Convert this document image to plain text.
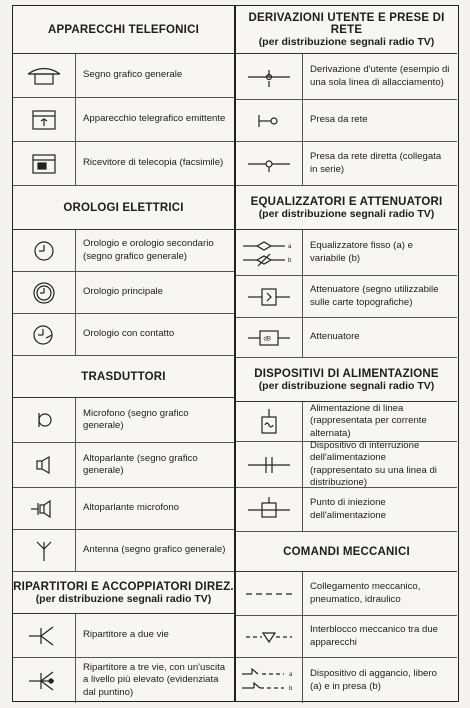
APPARECCHI TELEFONICI
Segno grafico generale
Apparecchio telegrafico emittente
Ricevitore di telecopia (facsimile)
OROLOGI ELETTRICI
Orologio e orologio secondario (segno grafico generale)
Orologio principale
Orologio con contatto
TRASDUTTORI
Microfono (segno grafico generale)
Altoparlante (segno grafico generale)
Altoparlante microfono
Antenna (segno grafico generale)
RIPARTITORI E ACCOPPIATORI DIREZ.
(per distribuzione segnali radio TV)
Ripartitore a due vie
Ripartitore a tre vie, con un'uscita a livello più elevato (evidenziata dal puntino)
DERIVAZIONI UTENTE E PRESE DI RETE
(per distribuzione segnali radio TV)
Derivazione d'utente (esempio di una sola linea di allacciamento)
Presa da rete
Presa da rete diretta (collegata in serie)
EQUALIZZATORI E ATTENUATORI
(per distribuzione segnali radio TV)
a
b
Equalizzatore fisso (a) e variabile (b)
Attenuatore (segno utilizzabile sulle carte topografiche)
dB	Attenuatore
DISPOSITIVI DI ALIMENTAZIONE
(per distribuzione segnali radio TV)
Alimentazione di linea (rappresentata per corrente alternata)
Dispositivo di interruzione dell'alimentazione (rappresentato su una linea di distribuzione)
Punto di iniezione dell'alimentazione
COMANDI MECCANICI
Collegamento meccanico, pneumatico, idraulico
Interblocco meccanico tra due apparecchi
a
b
Dispositivo di aggancio, libero (a) e in presa (b)
